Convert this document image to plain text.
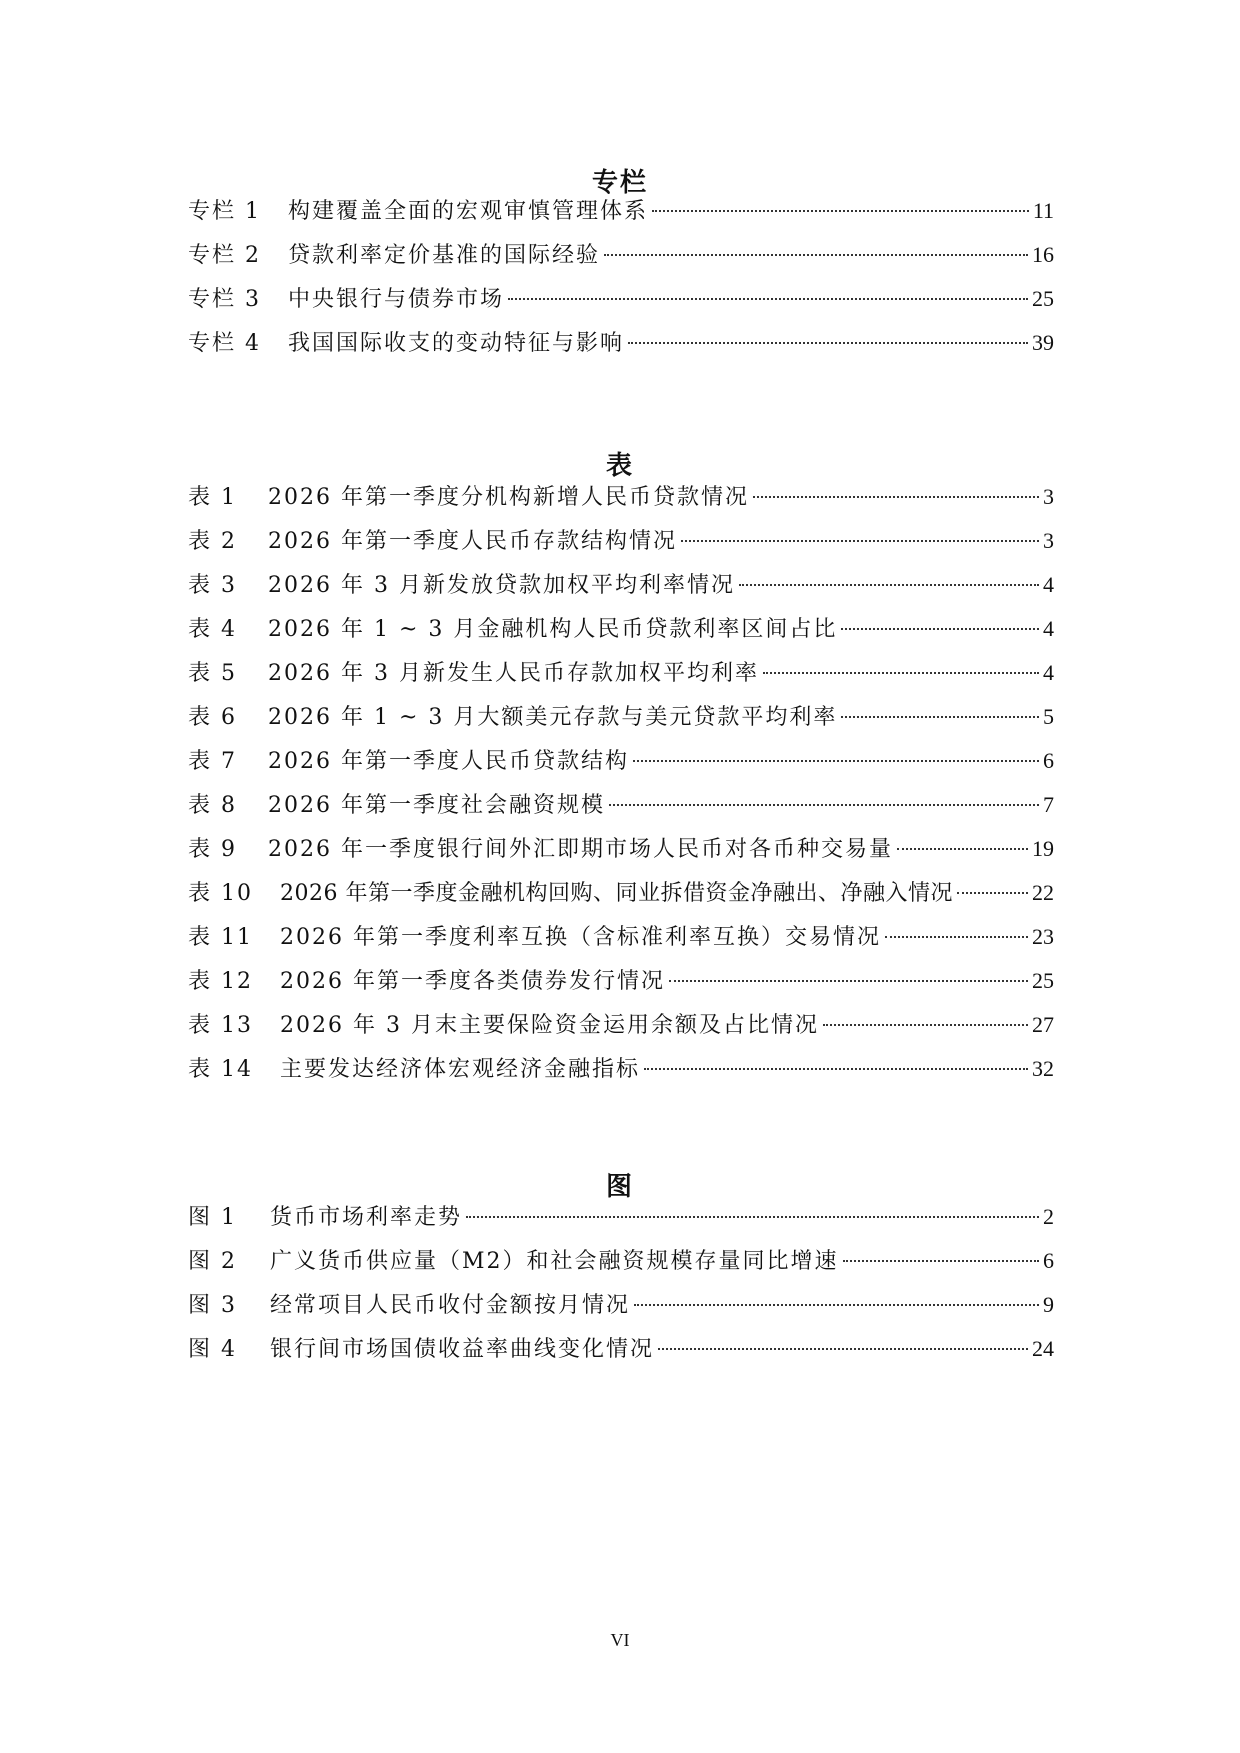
专栏
专栏 1	构建覆盖全面的宏观审慎管理体系	11
专栏 2	贷款利率定价基准的国际经验	16
专栏 3	中央银行与债券市场	25
专栏 4	我国国际收支的变动特征与影响	39
表
表 1	2026 年第一季度分机构新增人民币贷款情况	3
表 2	2026 年第一季度人民币存款结构情况	3
表 3	2026 年 3 月新发放贷款加权平均利率情况	4
表 4	2026 年 1 ~ 3 月金融机构人民币贷款利率区间占比	4
表 5	2026 年 3 月新发生人民币存款加权平均利率	4
表 6	2026 年 1 ~ 3 月大额美元存款与美元贷款平均利率	5
表 7	2026 年第一季度人民币贷款结构	6
表 8	2026 年第一季度社会融资规模	7
表 9	2026 年一季度银行间外汇即期市场人民币对各币种交易量	19
表 10	2026 年第一季度金融机构回购、同业拆借资金净融出、净融入情况	22
表 11	2026 年第一季度利率互换（含标准利率互换）交易情况	23
表 12	2026 年第一季度各类债券发行情况	25
表 13	2026 年 3 月末主要保险资金运用余额及占比情况	27
表 14	主要发达经济体宏观经济金融指标	32
图
图 1	货币市场利率走势	2
图 2	广义货币供应量（M2）和社会融资规模存量同比增速	6
图 3	经常项目人民币收付金额按月情况	9
图 4	银行间市场国债收益率曲线变化情况	24
VI
